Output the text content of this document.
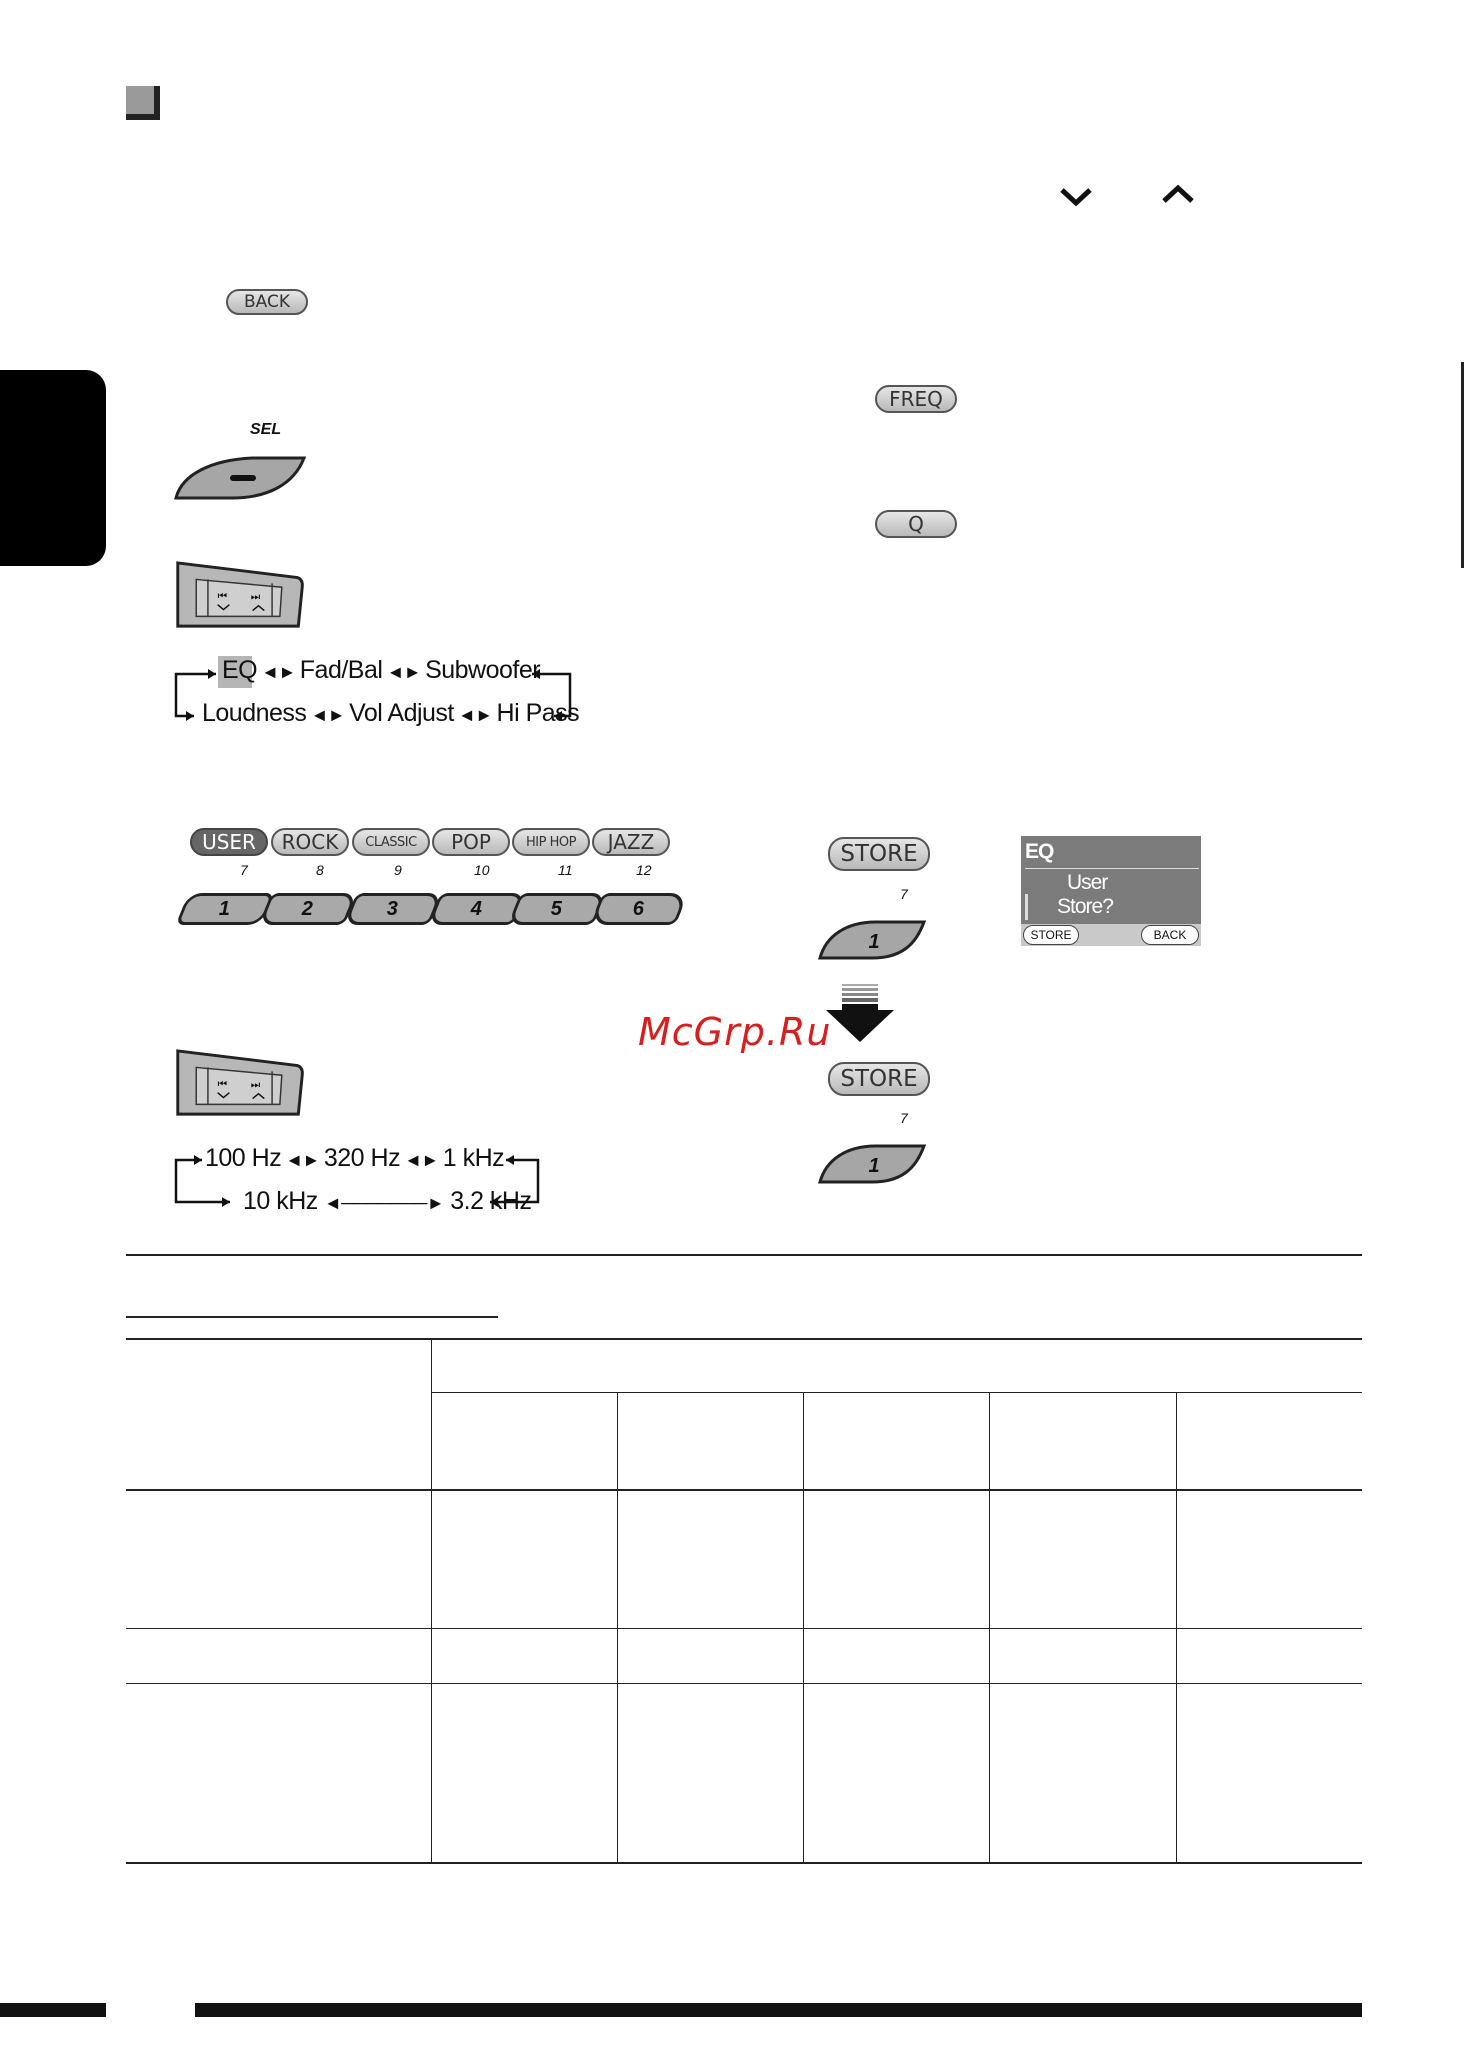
BACK
SEL
⏮ ⏭
EQ ◄► Fad/Bal ◄► Subwoofer
Loudness ◄► Vol Adjust ◄► Hi Pass
FREQ
Q
USER	ROCK	CLASSIC	POP	HIP HOP	JAZZ
7	8	9	10	11	12
1	2	3	4	5	6
STORE
7
1
McGrp.Ru
STORE
7
1
EQ
User
Store?
STORE	BACK
⏮ ⏭
100 Hz ◄► 320 Hz ◄► 1 kHz
10 kHz ◄───────► 3.2 kHz
